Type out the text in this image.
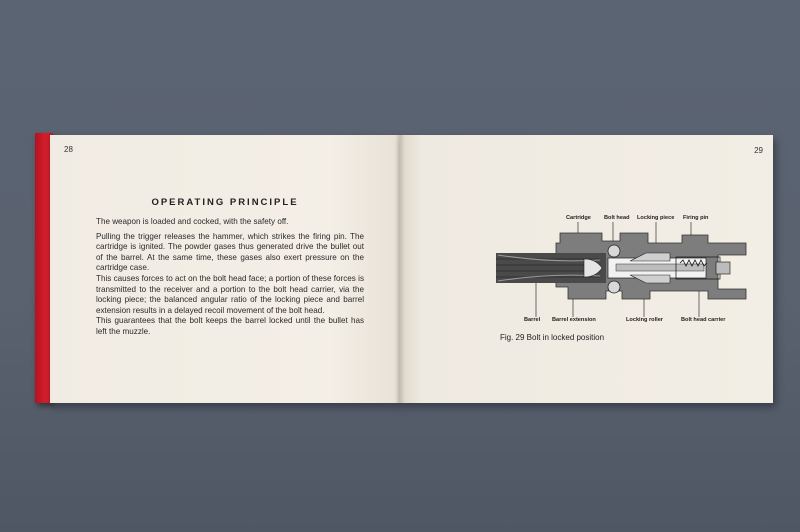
28
OPERATING PRINCIPLE

The weapon is loaded and cocked, with the safety off.

Pulling the trigger releases the hammer, which strikes the firing pin. The cartridge is ignited. The powder gases thus generated drive the bullet out of the barrel. At the same time, these gases also exert pressure on the cartridge case.

This causes forces to act on the bolt head face; a portion of these forces is transmitted to the receiver and a portion to the bolt head carrier, via the locking piece; the balanced angular ratio of the locking piece and barrel extension results in a delayed recoil movement of the bolt head.

This guarantees that the bolt keeps the barrel locked until the bullet has left the muzzle.

29
Cartridge Bolt head Locking piece Firing pin
Barrel Barrel extension	Locking roller	Bolt head carrier
Fig. 29 Bolt in locked position
